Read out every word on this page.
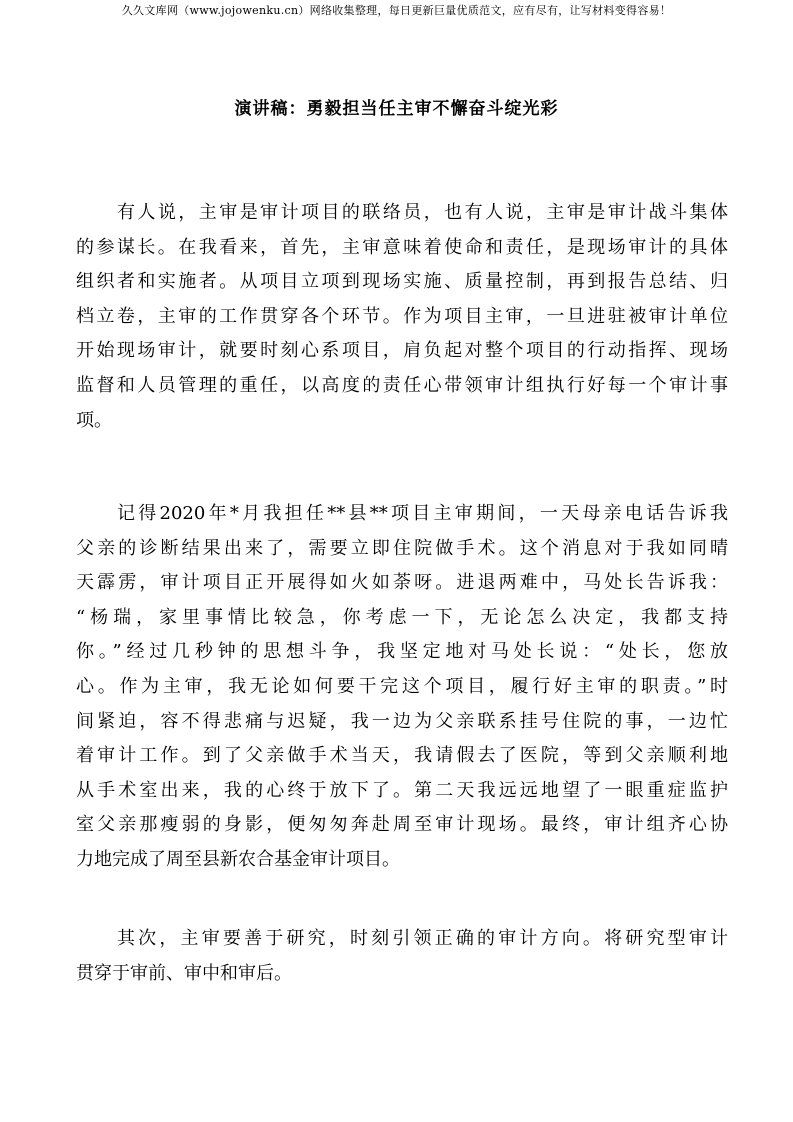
久久文库网（www.jojowenku.cn）网络收集整理，每日更新巨量优质范文，应有尽有，让写材料变得容易！
演讲稿：勇毅担当任主审不懈奋斗绽光彩
有人说，主审是审计项目的联络员，也有人说，主审是审计战斗集体
的参谋长。在我看来，首先，主审意味着使命和责任，是现场审计的具体
组织者和实施者。从项目立项到现场实施、质量控制，再到报告总结、归
档立卷，主审的工作贯穿各个环节。作为项目主审，一旦进驻被审计单位
开始现场审计，就要时刻心系项目，肩负起对整个项目的行动指挥、现场
监督和人员管理的重任，以高度的责任心带领审计组执行好每一个审计事
项。
记得2020年*月我担任**县**项目主审期间，一天母亲电话告诉我
父亲的诊断结果出来了，需要立即住院做手术。这个消息对于我如同晴
天霹雳，审计项目正开展得如火如荼呀。进退两难中，马处长告诉我：
“杨瑞，家里事情比较急，你考虑一下，无论怎么决定，我都支持
你。”经过几秒钟的思想斗争，我坚定地对马处长说：“处长，您放
心。作为主审，我无论如何要干完这个项目，履行好主审的职责。”时
间紧迫，容不得悲痛与迟疑，我一边为父亲联系挂号住院的事，一边忙
着审计工作。到了父亲做手术当天，我请假去了医院，等到父亲顺利地
从手术室出来，我的心终于放下了。第二天我远远地望了一眼重症监护
室父亲那瘦弱的身影，便匆匆奔赴周至审计现场。最终，审计组齐心协
力地完成了周至县新农合基金审计项目。
其次，主审要善于研究，时刻引领正确的审计方向。将研究型审计
贯穿于审前、审中和审后。
